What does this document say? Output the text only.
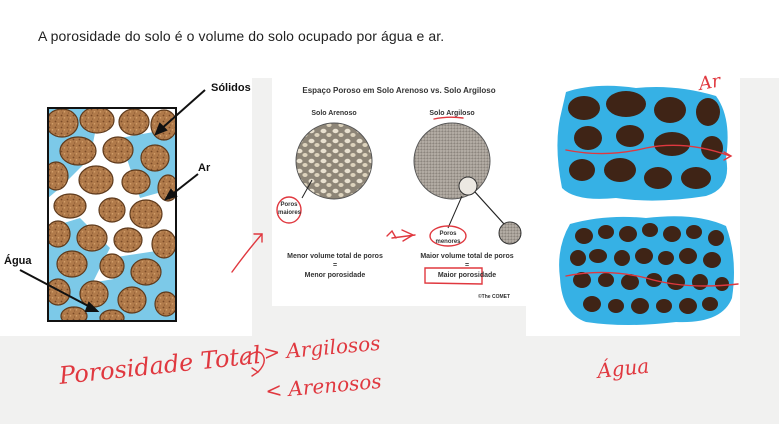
A porosidade do solo é o volume do solo ocupado por água e ar.
Sólidos
Ar
Água
Espaço Poroso em Solo Arenoso vs. Solo Argiloso
Solo Arenoso	Solo Argiloso
Poros maiores
Poros menores
Menor volume total de poros	Maior volume total de poros
=	=
Menor porosidade	Maior porosidade
©The COMET
Porosidade Total > Argilosos
< Arenosos
Ar
Água
